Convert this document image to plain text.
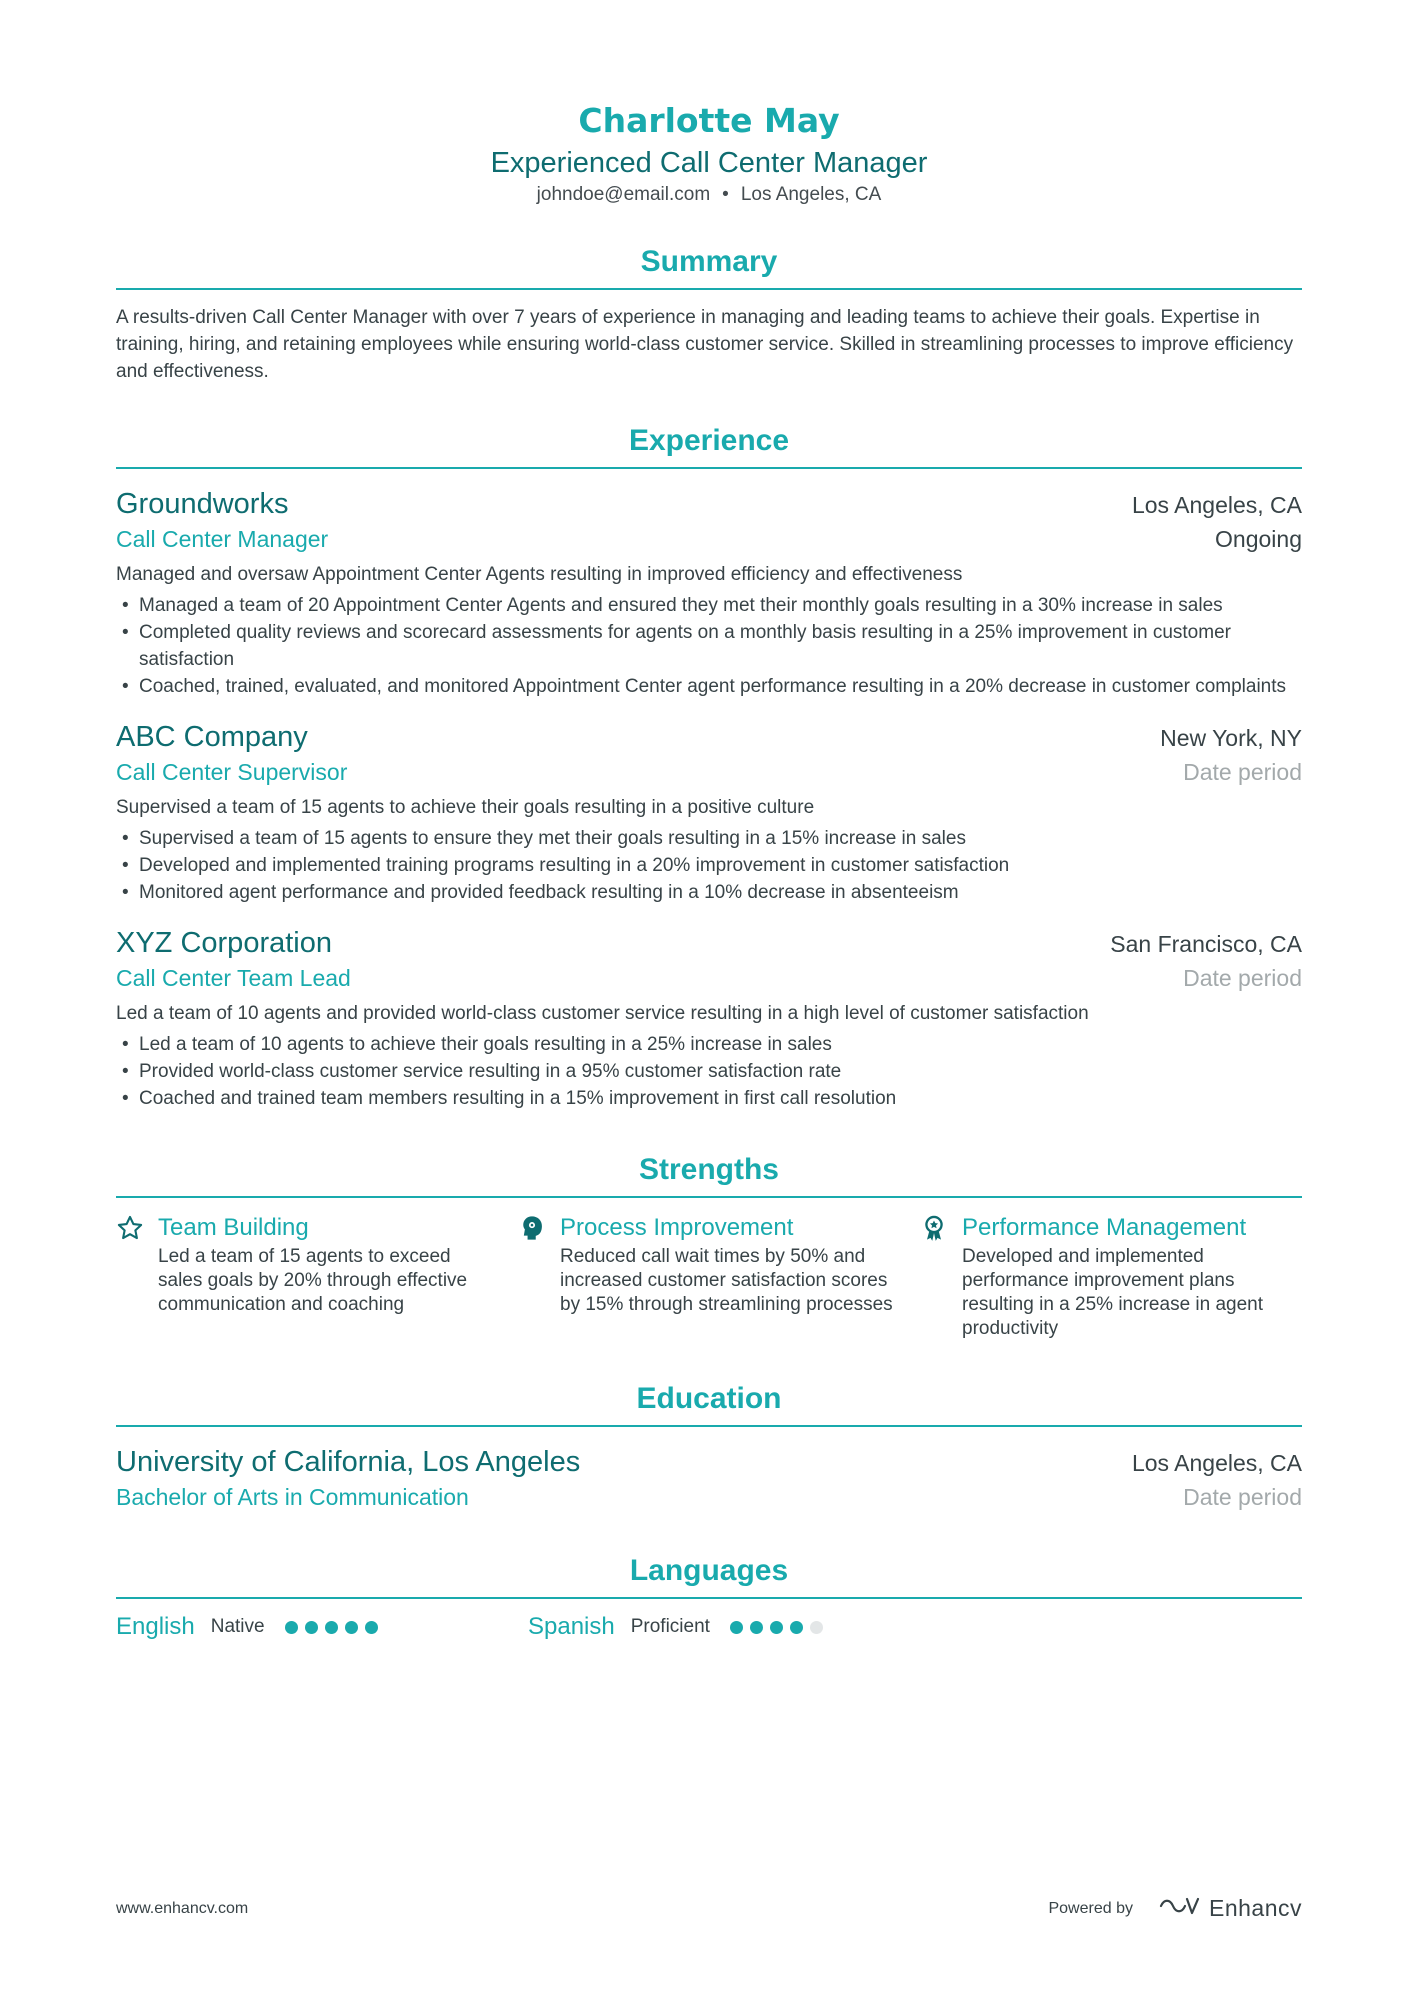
Charlotte May
Experienced Call Center Manager
johndoe@email.com • Los Angeles, CA
Summary
A results-driven Call Center Manager with over 7 years of experience in managing and leading teams to achieve their goals. Expertise in training, hiring, and retaining employees while ensuring world-class customer service. Skilled in streamlining processes to improve efficiency and effectiveness.
Experience
Groundworks	Los Angeles, CA
Call Center Manager	Ongoing
Managed and oversaw Appointment Center Agents resulting in improved efficiency and effectiveness
• Managed a team of 20 Appointment Center Agents and ensured they met their monthly goals resulting in a 30% increase in sales
• Completed quality reviews and scorecard assessments for agents on a monthly basis resulting in a 25% improvement in customer satisfaction
• Coached, trained, evaluated, and monitored Appointment Center agent performance resulting in a 20% decrease in customer complaints
ABC Company	New York, NY
Call Center Supervisor	Date period
Supervised a team of 15 agents to achieve their goals resulting in a positive culture
• Supervised a team of 15 agents to ensure they met their goals resulting in a 15% increase in sales
• Developed and implemented training programs resulting in a 20% improvement in customer satisfaction
• Monitored agent performance and provided feedback resulting in a 10% decrease in absenteeism
XYZ Corporation	San Francisco, CA
Call Center Team Lead	Date period
Led a team of 10 agents and provided world-class customer service resulting in a high level of customer satisfaction
• Led a team of 10 agents to achieve their goals resulting in a 25% increase in sales
• Provided world-class customer service resulting in a 95% customer satisfaction rate
• Coached and trained team members resulting in a 15% improvement in first call resolution
Strengths
Team Building
Led a team of 15 agents to exceed sales goals by 20% through effective communication and coaching
Process Improvement
Reduced call wait times by 50% and increased customer satisfaction scores by 15% through streamlining processes
Performance Management
Developed and implemented performance improvement plans resulting in a 25% increase in agent productivity
Education
University of California, Los Angeles	Los Angeles, CA
Bachelor of Arts in Communication	Date period
Languages
English Native	Spanish Proficient
www.enhancv.com	Powered by	Enhancv
